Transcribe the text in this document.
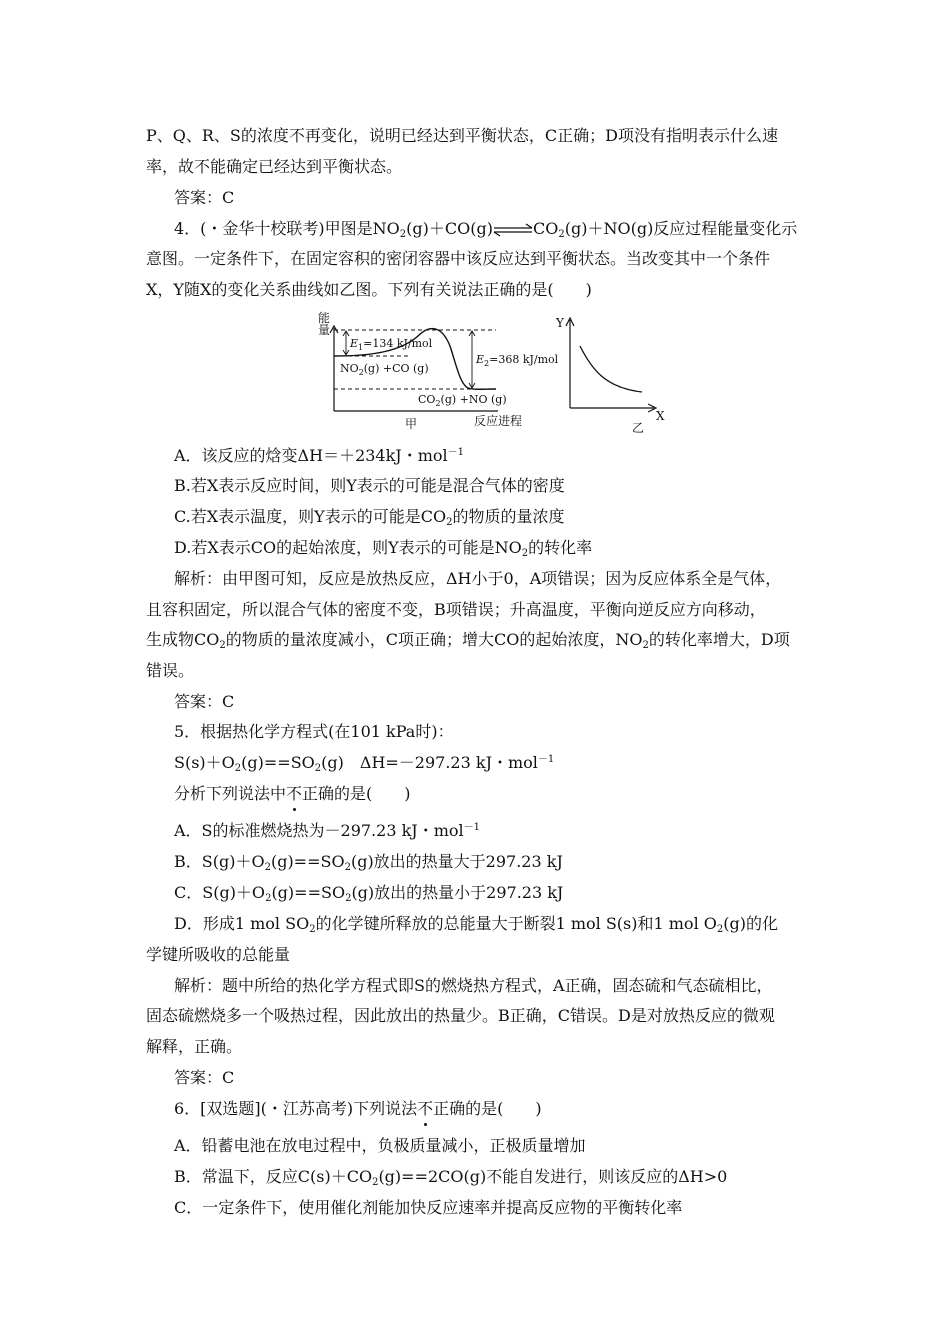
P、Q、R、S的浓度不再变化，说明已经达到平衡状态，C正确；D项没有指明表示什么速
率，故不能确定已经达到平衡状态。
答案：C
4．(・金华十校联考)甲图是$NO_2(g)+CO(g)\rightleftharpoons CO_2(g)+NO(g)$反应过程能量变化示
意图。一定条件下，在固定容积的密闭容器中该反应达到平衡状态。当改变其中一个条件
X，Y随X的变化关系曲线如乙图。下列有关说法正确的是(　　)
能
量
$E_1=134$ kJ/mol
$E_2=368$ kJ/mol
$NO_2(g) +CO$ (g)
$CO_2(g) +NO$ (g)
反应进程
甲
Y
X
乙
A．该反应的焓变ΔH＝＋234kJ・mol$^{-1}$
B.若X表示反应时间，则Y表示的可能是混合气体的密度
C.若X表示温度，则Y表示的可能是$CO_2$的物质的量浓度
D.若X表示CO的起始浓度，则Y表示的可能是$NO_2$的转化率
解析：由甲图可知，反应是放热反应，ΔH小于0，A项错误；因为反应体系全是气体，
且容积固定，所以混合气体的密度不变，B项错误；升高温度，平衡向逆反应方向移动，
生成物$CO_2$的物质的量浓度减小，C项正确；增大CO的起始浓度，$NO_2$的转化率增大，D项
错误。
答案：C
5．根据热化学方程式(在101 kPa时)：
$S(s)+O_2(g)==SO_2(g)$　ΔH=－297.23 kJ・mol$^{-1}$
分析下列说法中不正确的是(　　)
A．S的标准燃烧热为－297.23 kJ・mol$^{-1}$
B．$S(g)+O_2(g)==SO_2(g)$放出的热量大于297.23 kJ
C．$S(g)+O_2(g)==SO_2(g)$放出的热量小于297.23 kJ
D．形成1 mol $SO_2$的化学键所释放的总能量大于断裂1 mol S(s)和1 mol $O_2(g)$的化
学键所吸收的总能量
解析：题中所给的热化学方程式即S的燃烧热方程式，A正确，固态硫和气态硫相比，
固态硫燃烧多一个吸热过程，因此放出的热量少。B正确，C错误。D是对放热反应的微观
解释，正确。
答案：C
6．[双选题](・江苏高考)下列说法不正确的是(　　)
A．铅蓄电池在放电过程中，负极质量减小，正极质量增加
B．常温下，反应$C(s)+CO_2(g)==2CO(g)$不能自发进行，则该反应的ΔH>0
C．一定条件下，使用催化剂能加快反应速率并提高反应物的平衡转化率
